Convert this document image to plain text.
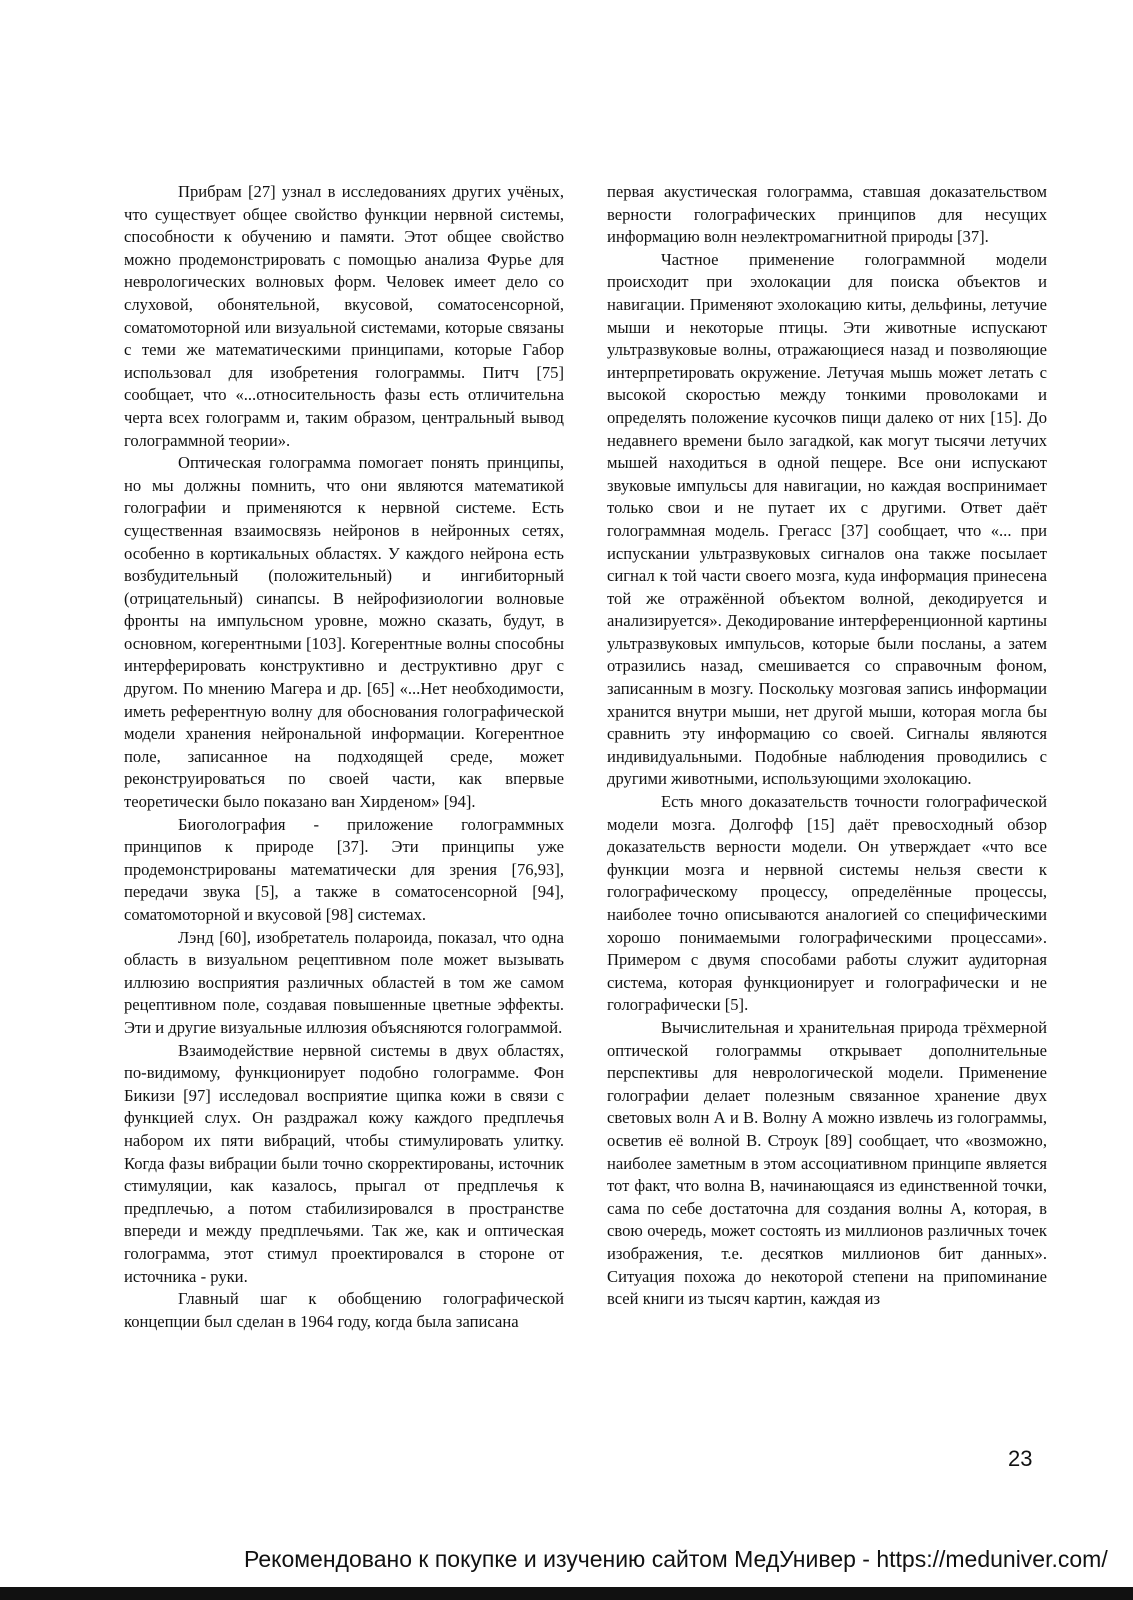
Прибрам [27] узнал в исследованиях других учёных, что существует общее свойство функции нервной системы, способности к обучению и памяти. Этот общее свойство можно продемонстрировать с помощью анализа Фурье для неврологических волновых форм. Человек имеет дело со слуховой, обонятельной, вкусовой, соматосенсорной, соматомоторной или визуальной системами, которые связаны с теми же математическими принципами, которые Габор использовал для изобретения голограммы. Питч [75] сообщает, что «...относительность фазы есть отличительна черта всех голограмм и, таким образом, центральный вывод голограммной теории».

Оптическая голограмма помогает понять принципы, но мы должны помнить, что они являются математикой голографии и применяются к нервной системе. Есть существенная взаимосвязь нейронов в нейронных сетях, особенно в кортикальных областях. У каждого нейрона есть возбудительный (положительный) и ингибиторный (отрицательный) синапсы. В нейрофизиологии волновые фронты на импульсном уровне, можно сказать, будут, в основном, когерентными [103]. Когерентные волны способны интерферировать конструктивно и деструктивно друг с другом. По мнению Магера и др. [65] «...Нет необходимости, иметь референтную волну для обоснования голографической модели хранения нейрональной информации. Когерентное поле, записанное на подходящей среде, может реконструироваться по своей части, как впервые теоретически было показано ван Хирденом» [94].

Биоголография - приложение голограммных принципов к природе [37]. Эти принципы уже продемонстрированы математически для зрения [76,93], передачи звука [5], а также в соматосенсорной [94], соматомоторной и вкусовой [98] системах.

Лэнд [60], изобретатель полароида, показал, что одна область в визуальном рецептивном поле может вызывать иллюзию восприятия различных областей в том же самом рецептивном поле, создавая повышенные цветные эффекты. Эти и другие визуальные иллюзия объясняются голограммой.

Взаимодействие нервной системы в двух областях, по-видимому, функционирует подобно голограмме. Фон Бикизи [97] исследовал восприятие щипка кожи в связи с функцией слух. Он раздражал кожу каждого предплечья набором их пяти вибраций, чтобы стимулировать улитку. Когда фазы вибрации были точно скорректированы, источник стимуляции, как казалось, прыгал от предплечья к предплечью, а потом стабилизировался в пространстве впереди и между предплечьями. Так же, как и оптическая голограмма, этот стимул проектировался в стороне от источника - руки.

Главный шаг к обобщению голографической концепции был сделан в 1964 году, когда была записана

первая акустическая голограмма, ставшая доказательством верности голографических принципов для несущих информацию волн неэлектромагнитной природы [37].

Частное применение голограммной модели происходит при эхолокации для поиска объектов и навигации. Применяют эхолокацию киты, дельфины, летучие мыши и некоторые птицы. Эти животные испускают ультразвуковые волны, отражающиеся назад и позволяющие интерпретировать окружение. Летучая мышь может летать с высокой скоростью между тонкими проволоками и определять положение кусочков пищи далеко от них [15]. До недавнего времени было загадкой, как могут тысячи летучих мышей находиться в одной пещере. Все они испускают звуковые импульсы для навигации, но каждая воспринимает только свои и не путает их с другими. Ответ даёт голограммная модель. Грегасс [37] сообщает, что «... при испускании ультразвуковых сигналов она также посылает сигнал к той части своего мозга, куда информация принесена той же отражённой объектом волной, декодируется и анализируется». Декодирование интерференционной картины ультразвуковых импульсов, которые были посланы, а затем отразились назад, смешивается со справочным фоном, записанным в мозгу. Поскольку мозговая запись информации хранится внутри мыши, нет другой мыши, которая могла бы сравнить эту информацию со своей. Сигналы являются индивидуальными. Подобные наблюдения проводились с другими животными, использующими эхолокацию.

Есть много доказательств точности голографической модели мозга. Долгофф [15] даёт превосходный обзор доказательств верности модели. Он утверждает «что все функции мозга и нервной системы нельзя свести к голографическому процессу, определённые процессы, наиболее точно описываются аналогией со специфическими хорошо понимаемыми голографическими процессами». Примером с двумя способами работы служит аудиторная система, которая функционирует и голографически и не голографически [5].

Вычислительная и хранительная природа трёхмерной оптической голограммы открывает дополнительные перспективы для неврологической модели. Применение голографии делает полезным связанное хранение двух световых волн А и В. Волну А можно извлечь из голограммы, осветив её волной В. Строук [89] сообщает, что «возможно, наиболее заметным в этом ассоциативном принципе является тот факт, что волна В, начинающаяся из единственной точки, сама по себе достаточна для создания волны А, которая, в свою очередь, может состоять из миллионов различных точек изображения, т.е. десятков миллионов бит данных». Ситуация похожа до некоторой степени на припоминание всей книги из тысяч картин, каждая из

23
Рекомендовано к покупке и изучению сайтом МедУнивер - https://meduniver.com/
